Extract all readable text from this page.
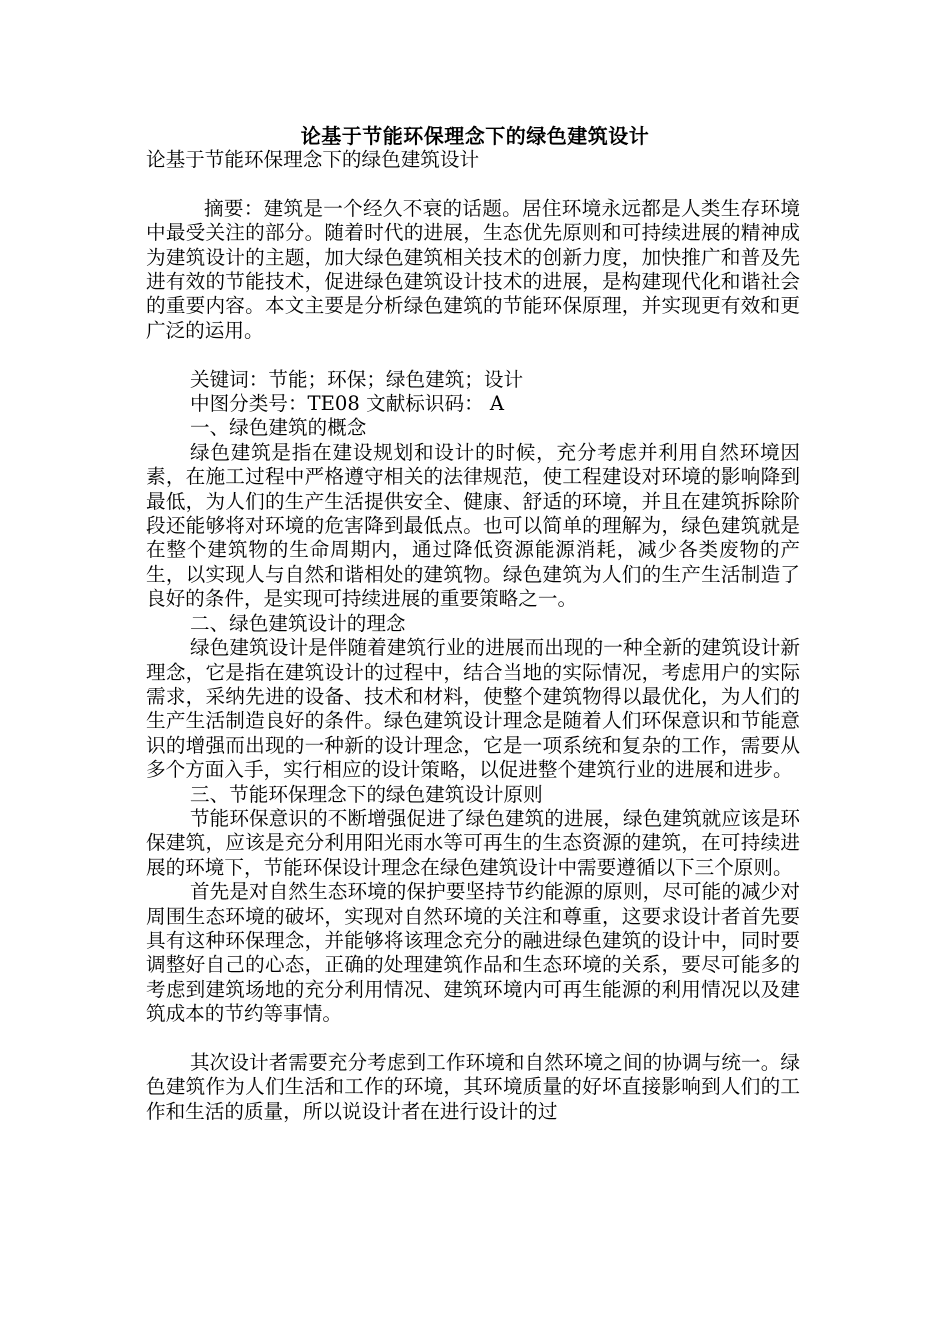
论基于节能环保理念下的绿色建筑设计

论基于节能环保理念下的绿色建筑设计

摘要：建筑是一个经久不衰的话题。居住环境永远都是人类生存环境中最受关注的部分。随着时代的进展，生态优先原则和可持续进展的精神成为建筑设计的主题，加大绿色建筑相关技术的创新力度，加快推广和普及先进有效的节能技术，促进绿色建筑设计技术的进展，是构建现代化和谐社会的重要内容。本文主要是分析绿色建筑的节能环保原理，并实现更有效和更广泛的运用。

关键词：节能；环保；绿色建筑；设计

中图分类号：TE08 文献标识码： A

一、绿色建筑的概念

绿色建筑是指在建设规划和设计的时候，充分考虑并利用自然环境因素，在施工过程中严格遵守相关的法律规范，使工程建设对环境的影响降到最低，为人们的生产生活提供安全、健康、舒适的环境，并且在建筑拆除阶段还能够将对环境的危害降到最低点。也可以简单的理解为，绿色建筑就是在整个建筑物的生命周期内，通过降低资源能源消耗，减少各类废物的产生，以实现人与自然和谐相处的建筑物。绿色建筑为人们的生产生活制造了良好的条件，是实现可持续进展的重要策略之一。

二、绿色建筑设计的理念

绿色建筑设计是伴随着建筑行业的进展而出现的一种全新的建筑设计新理念，它是指在建筑设计的过程中，结合当地的实际情况，考虑用户的实际需求，采纳先进的设备、技术和材料，使整个建筑物得以最优化，为人们的生产生活制造良好的条件。绿色建筑设计理念是随着人们环保意识和节能意识的增强而出现的一种新的设计理念，它是一项系统和复杂的工作，需要从多个方面入手，实行相应的设计策略，以促进整个建筑行业的进展和进步。

三、节能环保理念下的绿色建筑设计原则

节能环保意识的不断增强促进了绿色建筑的进展，绿色建筑就应该是环保建筑，应该是充分利用阳光雨水等可再生的生态资源的建筑，在可持续进展的环境下，节能环保设计理念在绿色建筑设计中需要遵循以下三个原则。

首先是对自然生态环境的保护要坚持节约能源的原则，尽可能的减少对周围生态环境的破坏，实现对自然环境的关注和尊重，这要求设计者首先要具有这种环保理念，并能够将该理念充分的融进绿色建筑的设计中，同时要调整好自己的心态，正确的处理建筑作品和生态环境的关系，要尽可能多的考虑到建筑场地的充分利用情况、建筑环境内可再生能源的利用情况以及建筑成本的节约等事情。

其次设计者需要充分考虑到工作环境和自然环境之间的协调与统一。绿色建筑作为人们生活和工作的环境，其环境质量的好坏直接影响到人们的工作和生活的质量，所以说设计者在进行设计的过
